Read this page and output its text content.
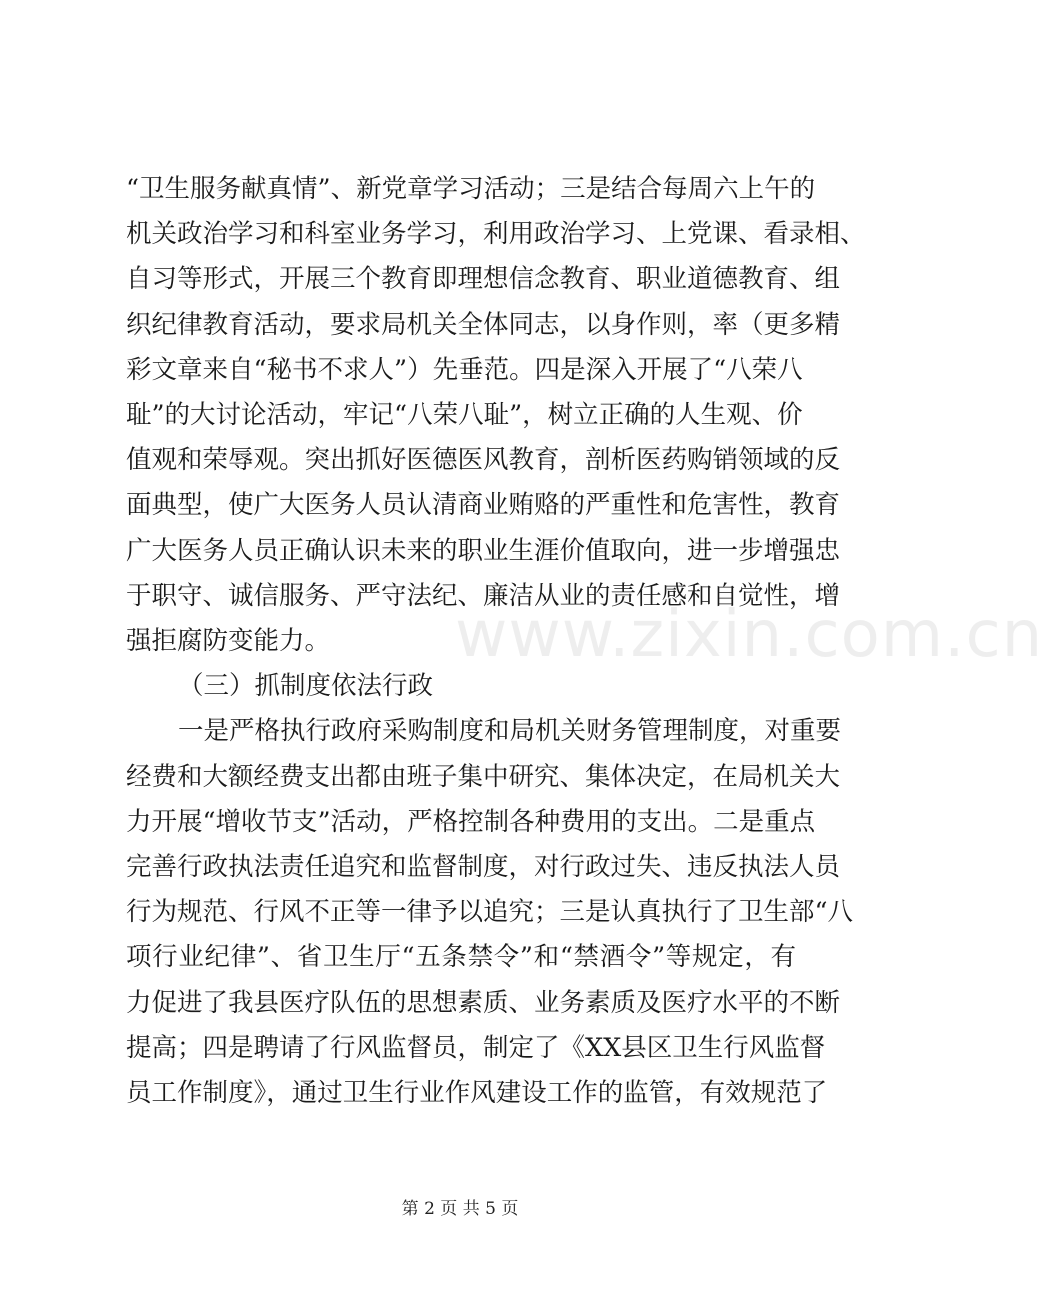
“卫生服务献真情”、新党章学习活动；三是结合每周六上午的
机关政治学习和科室业务学习，利用政治学习、上党课、看录相、
自习等形式，开展三个教育即理想信念教育、职业道德教育、组
织纪律教育活动，要求局机关全体同志，以身作则，率（更多精
彩文章来自“秘书不求人”）先垂范。四是深入开展了“八荣八
耻”的大讨论活动，牢记“八荣八耻”，树立正确的人生观、价
值观和荣辱观。突出抓好医德医风教育，剖析医药购销领域的反
面典型，使广大医务人员认清商业贿赂的严重性和危害性，教育
广大医务人员正确认识未来的职业生涯价值取向，进一步增强忠
于职守、诚信服务、严守法纪、廉洁从业的责任感和自觉性，增
强拒腐防变能力。
（三）抓制度依法行政
一是严格执行政府采购制度和局机关财务管理制度，对重要
经费和大额经费支出都由班子集中研究、集体决定，在局机关大
力开展“增收节支”活动，严格控制各种费用的支出。二是重点
完善行政执法责任追究和监督制度，对行政过失、违反执法人员
行为规范、行风不正等一律予以追究；三是认真执行了卫生部“八
项行业纪律”、省卫生厅“五条禁令”和“禁酒令”等规定，有
力促进了我县医疗队伍的思想素质、业务素质及医疗水平的不断
提高；四是聘请了行风监督员，制定了《XX县区卫生行风监督
员工作制度》，通过卫生行业作风建设工作的监管，有效规范了
www.zixin.com.cn
第 2 页 共 5 页
